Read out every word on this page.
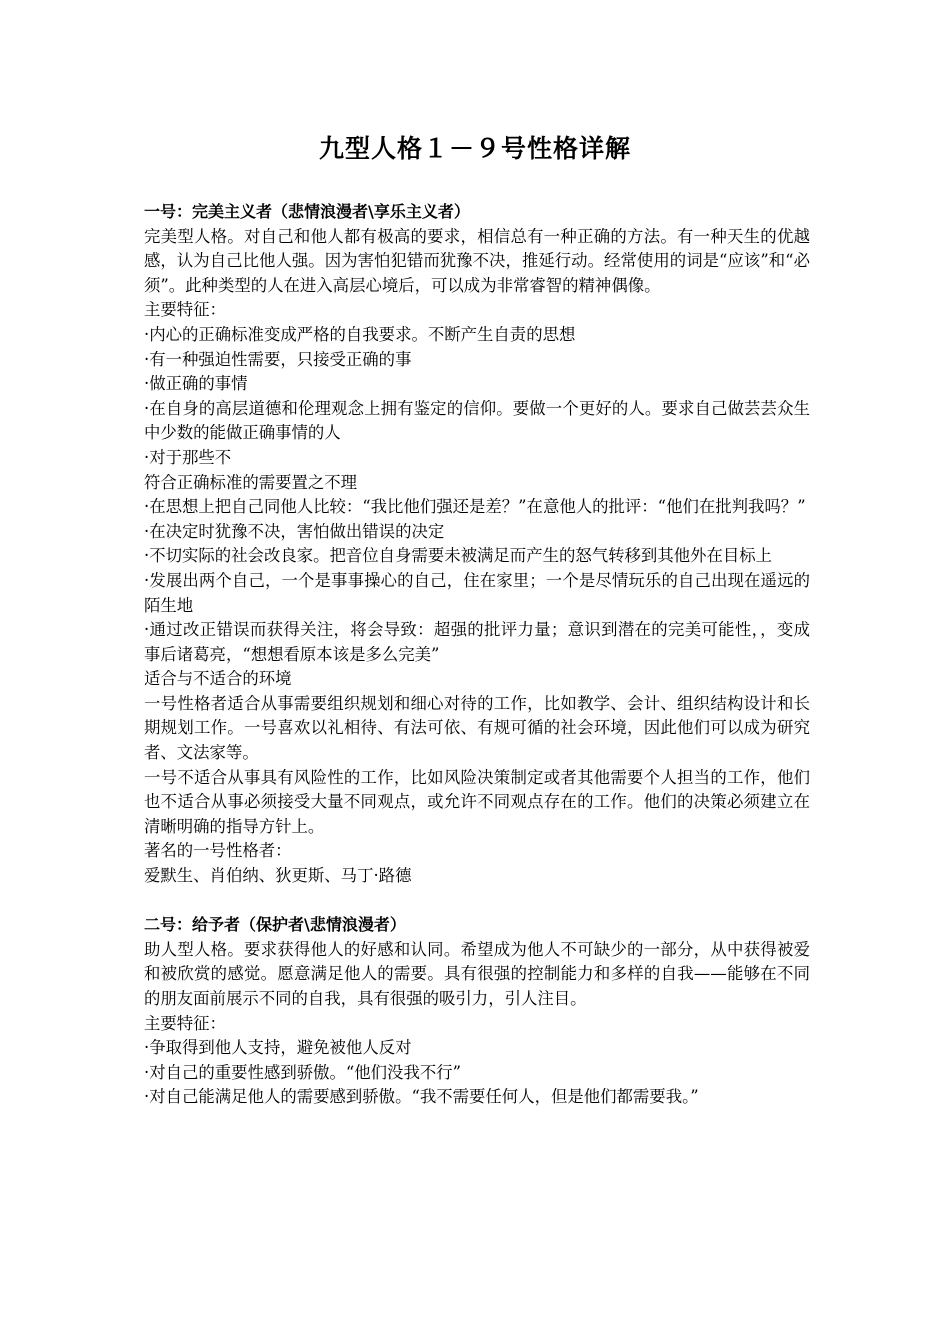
九型人格１－９号性格详解

一号：完美主义者（悲情浪漫者\享乐主义者）

完美型人格。对自己和他人都有极高的要求，相信总有一种正确的方法。有一种天生的优越感，认为自己比他人强。因为害怕犯错而犹豫不决，推延行动。经常使用的词是“应该”和“必须”。此种类型的人在进入高层心境后，可以成为非常睿智的精神偶像。

主要特征：

·内心的正确标准变成严格的自我要求。不断产生自责的思想
·有一种强迫性需要，只接受正确的事
·做正确的事情
·在自身的高层道德和伦理观念上拥有鉴定的信仰。要做一个更好的人。要求自己做芸芸众生中少数的能做正确事情的人
·对于那些不
符合正确标准的需要置之不理
·在思想上把自己同他人比较：“我比他们强还是差？”在意他人的批评：“他们在批判我吗？”
·在决定时犹豫不决，害怕做出错误的决定
·不切实际的社会改良家。把音位自身需要未被满足而产生的怒气转移到其他外在目标上
·发展出两个自己，一个是事事操心的自己，住在家里；一个是尽情玩乐的自己出现在遥远的陌生地
·通过改正错误而获得关注，将会导致：超强的批评力量；意识到潜在的完美可能性，，变成事后诸葛亮，“想想看原本该是多么完美”

适合与不适合的环境

一号性格者适合从事需要组织规划和细心对待的工作，比如教学、会计、组织结构设计和长期规划工作。一号喜欢以礼相待、有法可依、有规可循的社会环境，因此他们可以成为研究者、文法家等。

一号不适合从事具有风险性的工作，比如风险决策制定或者其他需要个人担当的工作，他们也不适合从事必须接受大量不同观点，或允许不同观点存在的工作。他们的决策必须建立在清晰明确的指导方针上。

著名的一号性格者：

爱默生、肖伯纳、狄更斯、马丁·路德

二号：给予者（保护者\悲情浪漫者）

助人型人格。要求获得他人的好感和认同。希望成为他人不可缺少的一部分，从中获得被爱和被欣赏的感觉。愿意满足他人的需要。具有很强的控制能力和多样的自我——能够在不同的朋友面前展示不同的自我，具有很强的吸引力，引人注目。

主要特征：

·争取得到他人支持，避免被他人反对
·对自己的重要性感到骄傲。“他们没我不行”
·对自己能满足他人的需要感到骄傲。“我不需要任何人，但是他们都需要我。”
